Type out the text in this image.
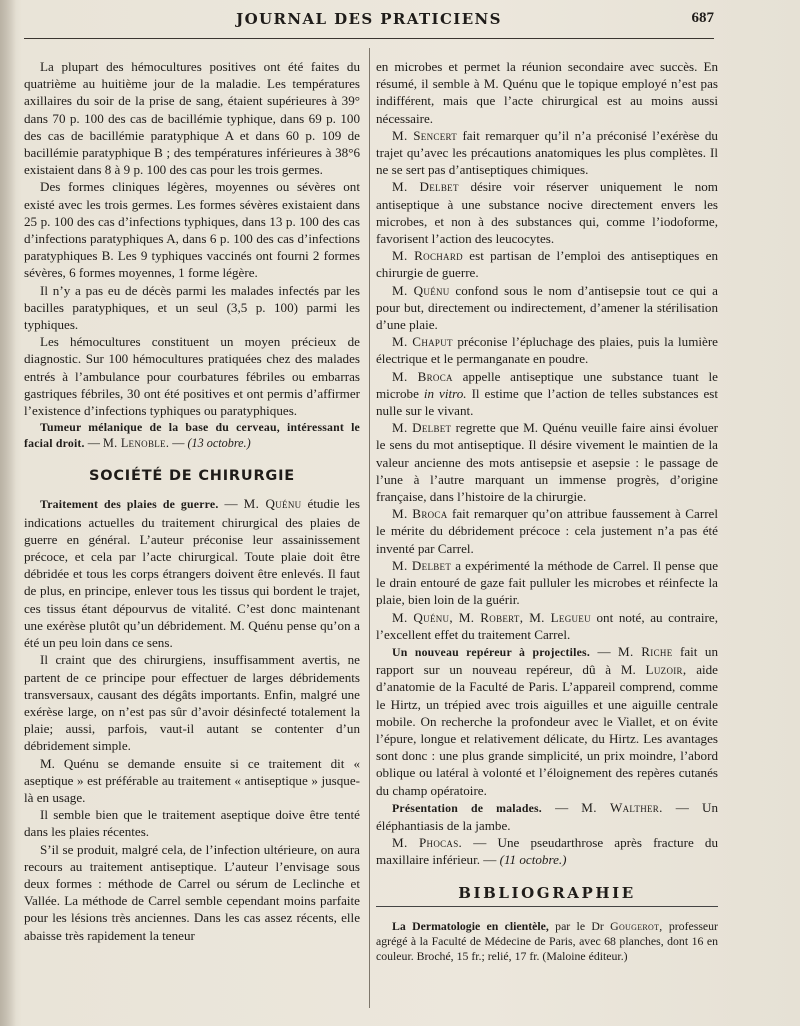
JOURNAL DES PRATICIENS	687

La plupart des hémocultures positives ont été faites du quatrième au huitième jour de la maladie. Les températures axillaires du soir de la prise de sang, étaient supérieures à 39° dans 70 p. 100 des cas de bacillémie typhique, dans 69 p. 100 des cas de bacillémie paratyphique A et dans 60 p. 109 de bacillémie paratyphique B ; des températures inférieures à 38°6 existaient dans 8 à 9 p. 100 des cas pour les trois germes.

Des formes cliniques légères, moyennes ou sévères ont existé avec les trois germes. Les formes sévères existaient dans 25 p. 100 des cas d’infections typhiques, dans 13 p. 100 des cas d’infections paratyphiques A, dans 6 p. 100 des cas d’infections paratyphiques B. Les 9 typhiques vaccinés ont fourni 2 formes sévères, 6 formes moyennes, 1 forme légère.

Il n’y a pas eu de décès parmi les malades infectés par les bacilles paratyphiques, et un seul (3,5 p. 100) parmi les typhiques.

Les hémocultures constituent un moyen précieux de diagnostic. Sur 100 hémocultures pratiquées chez des malades entrés à l’ambulance pour courbatures fébriles ou embarras gastriques fébriles, 30 ont été positives et ont permis d’affirmer l’existence d’infections typhiques ou paratyphiques.

Tumeur mélanique de la base du cerveau, intéressant le facial droit. — M. Lenoble. — (13 octobre.)

SOCIÉTÉ DE CHIRURGIE

Traitement des plaies de guerre. — M. Quénu étudie les indications actuelles du traitement chirurgical des plaies de guerre en général. L’auteur préconise leur assainissement précoce, et cela par l’acte chirurgical. Toute plaie doit être débridée et tous les corps étrangers doivent être enlevés. Il faut de plus, en principe, enlever tous les tissus qui bordent le trajet, ces tissus étant dépourvus de vitalité. C’est donc maintenant une exérèse plutôt qu’un débridement. M. Quénu pense qu’on a été un peu loin dans ce sens.

Il craint que des chirurgiens, insuffisamment avertis, ne partent de ce principe pour effectuer de larges débridements transversaux, causant des dégâts importants. Enfin, malgré une exérèse large, on n’est pas sûr d’avoir désinfecté totalement la plaie; aussi, parfois, vaut-il autant se contenter d’un débridement simple.

M. Quénu se demande ensuite si ce traitement dit « aseptique » est préférable au traitement « antiseptique » jusque-là en usage.

Il semble bien que le traitement aseptique doive être tenté dans les plaies récentes.

S’il se produit, malgré cela, de l’infection ultérieure, on aura recours au traitement antiseptique. L’auteur l’envisage sous deux formes : méthode de Carrel ou sérum de Leclinche et Vallée. La méthode de Carrel semble cependant moins parfaite pour les lésions très anciennes. Dans les cas assez récents, elle abaisse très rapidement la teneur

en microbes et permet la réunion secondaire avec succès. En résumé, il semble à M. Quénu que le topique employé n’est pas indifférent, mais que l’acte chirurgical est au moins aussi nécessaire.

M. Sencert fait remarquer qu’il n’a préconisé l’exérèse du trajet qu’avec les précautions anatomiques les plus complètes. Il ne se sert pas d’antiseptiques chimiques.

M. Delbet désire voir réserver uniquement le nom antiseptique à une substance nocive directement envers les microbes, et non à des substances qui, comme l’iodoforme, favorisent l’action des leucocytes.

M. Rochard est partisan de l’emploi des antiseptiques en chirurgie de guerre.

M. Quénu confond sous le nom d’antisepsie tout ce qui a pour but, directement ou indirectement, d’amener la stérilisation d’une plaie.

M. Chaput préconise l’épluchage des plaies, puis la lumière électrique et le permanganate en poudre.

M. Broca appelle antiseptique une substance tuant le microbe in vitro. Il estime que l’action de telles substances est nulle sur le vivant.

M. Delbet regrette que M. Quénu veuille faire ainsi évoluer le sens du mot antiseptique. Il désire vivement le maintien de la valeur ancienne des mots antisepsie et asepsie : le passage de l’une à l’autre marquant un immense progrès, d’origine française, dans l’histoire de la chirurgie.

M. Broca fait remarquer qu’on attribue faussement à Carrel le mérite du débridement précoce : cela justement n’a pas été inventé par Carrel.

M. Delbet a expérimenté la méthode de Carrel. Il pense que le drain entouré de gaze fait pulluler les microbes et réinfecte la plaie, bien loin de la guérir.

M. Quénu, M. Robert, M. Legueu ont noté, au contraire, l’excellent effet du traitement Carrel.

Un nouveau repéreur à projectiles. — M. Riche fait un rapport sur un nouveau repéreur, dû à M. Luzoir, aide d’anatomie de la Faculté de Paris. L’appareil comprend, comme le Hirtz, un trépied avec trois aiguilles et une aiguille centrale mobile. On recherche la profondeur avec le Viallet, et on évite l’épure, longue et relativement délicate, du Hirtz. Les avantages sont donc : une plus grande simplicité, un prix moindre, l’abord oblique ou latéral à volonté et l’éloignement des repères cutanés du champ opératoire.

Présentation de malades. — M. Walther. — Un éléphantiasis de la jambe.

M. Phocas. — Une pseudarthrose après fracture du maxillaire inférieur. — (11 octobre.)

BIBLIOGRAPHIE

La Dermatologie en clientèle, par le Dr Gougerot, professeur agrégé à la Faculté de Médecine de Paris, avec 68 planches, dont 16 en couleur. Broché, 15 fr.; relié, 17 fr. (Maloine éditeur.)
